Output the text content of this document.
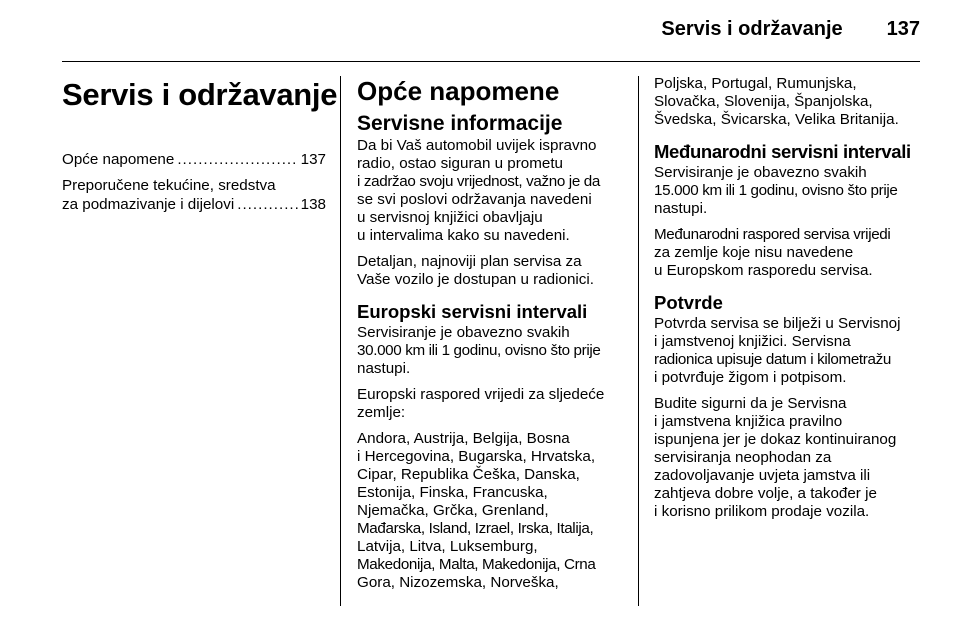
Servis i održavanje 137
Servis i održavanje
Opće napomene .....	137
Preporučene tekućine, sredstva
za podmazivanje i dijelovi .....	138
Opće napomene
Servisne informacije
Da bi Vaš automobil uvijek ispravno
radio, ostao siguran u prometu
i zadržao svoju vrijednost, važno je da
se svi poslovi održavanja navedeni
u servisnoj knjižici obavljaju
u intervalima kako su navedeni.
Detaljan, najnoviji plan servisa za
Vaše vozilo je dostupan u radionici.
Europski servisni intervali
Servisiranje je obavezno svakih
30.000 km ili 1 godinu, ovisno što prije
nastupi.
Europski raspored vrijedi za sljedeće
zemlje:
Andora, Austrija, Belgija, Bosna
i Hercegovina, Bugarska, Hrvatska,
Cipar, Republika Češka, Danska,
Estonija, Finska, Francuska,
Njemačka, Grčka, Grenland,
Mađarska, Island, Izrael, Irska, Italija,
Latvija, Litva, Luksemburg,
Makedonija, Malta, Makedonija, Crna
Gora, Nizozemska, Norveška,
Poljska, Portugal, Rumunjska,
Slovačka, Slovenija, Španjolska,
Švedska, Švicarska, Velika Britanija.
Međunarodni servisni intervali
Servisiranje je obavezno svakih
15.000 km ili 1 godinu, ovisno što prije
nastupi.
Međunarodni raspored servisa vrijedi
za zemlje koje nisu navedene
u Europskom rasporedu servisa.
Potvrde
Potvrda servisa se bilježi u Servisnoj
i jamstvenoj knjižici. Servisna
radionica upisuje datum i kilometražu
i potvrđuje žigom i potpisom.
Budite sigurni da je Servisna
i jamstvena knjižica pravilno
ispunjena jer je dokaz kontinuiranog
servisiranja neophodan za
zadovoljavanje uvjeta jamstva ili
zahtjeva dobre volje, a također je
i korisno prilikom prodaje vozila.
